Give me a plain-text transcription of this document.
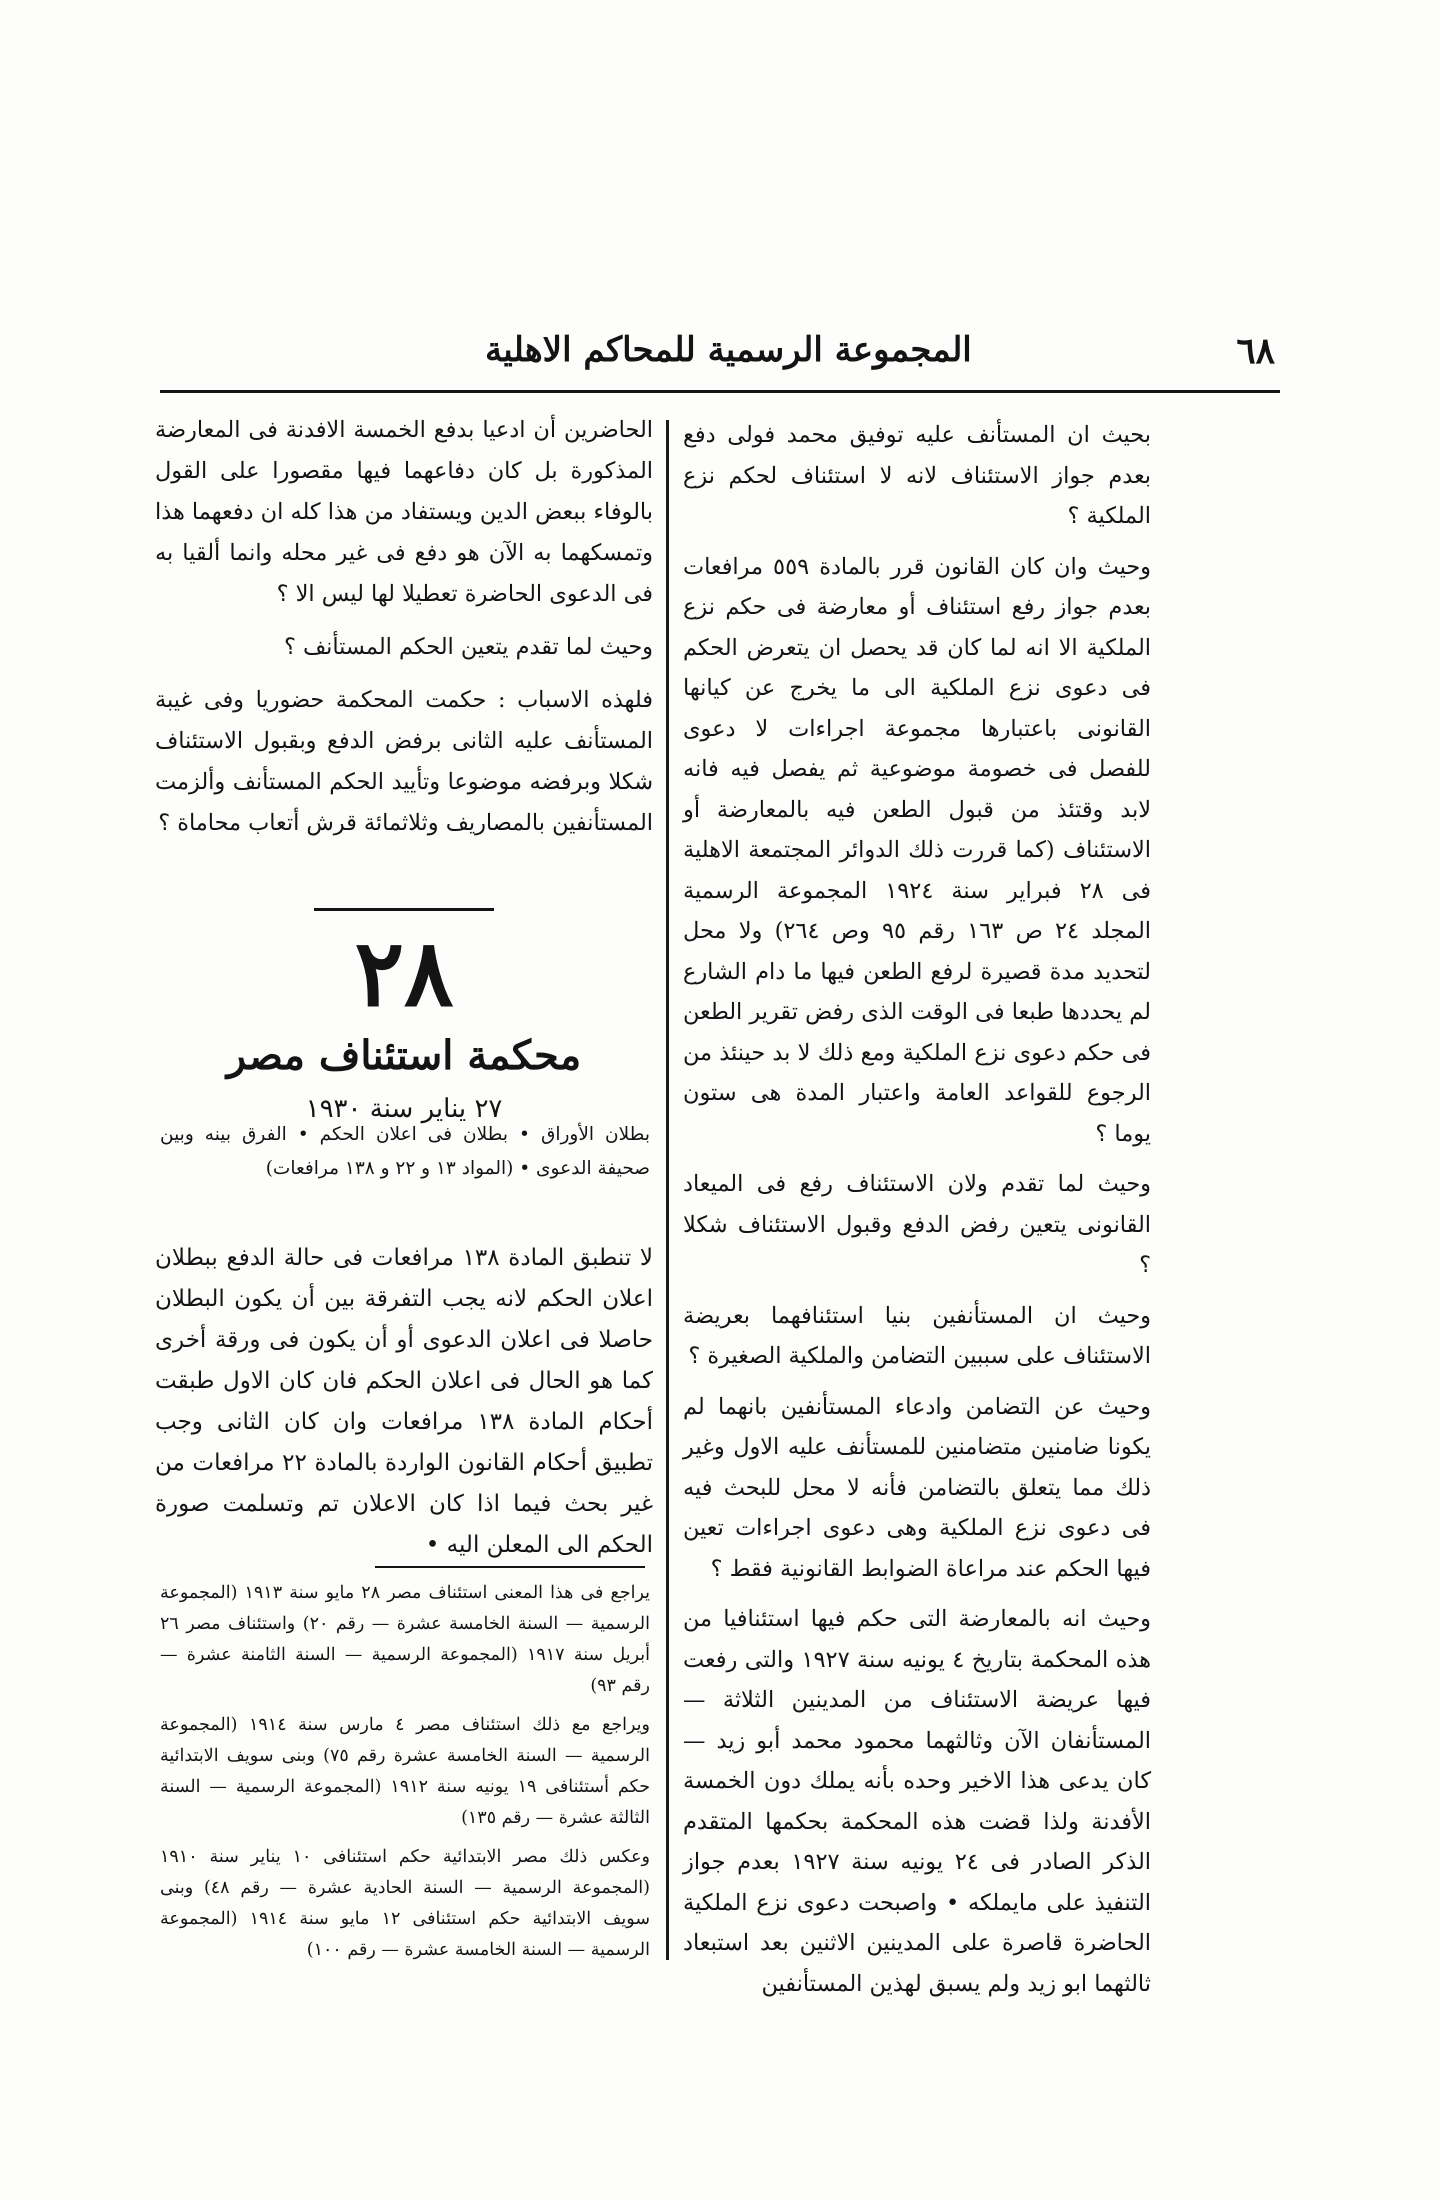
المجموعة الرسمية للمحاكم الاهلية	٦٨

بحيث ان المستأنف عليه توفيق محمد فولى دفع بعدم جواز الاستئناف لانه لا استئناف لحكم نزع الملكية ؟

وحيث وان كان القانون قرر بالمادة ٥٥٩ مرافعات بعدم جواز رفع استئناف أو معارضة فى حكم نزع الملكية الا انه لما كان قد يحصل ان يتعرض الحكم فى دعوى نزع الملكية الى ما يخرج عن كيانها القانونى باعتبارها مجموعة اجراءات لا دعوى للفصل فى خصومة موضوعية ثم يفصل فيه فانه لابد وقتئذ من قبول الطعن فيه بالمعارضة أو الاستئناف (كما قررت ذلك الدوائر المجتمعة الاهلية فى ٢٨ فبراير سنة ١٩٢٤ المجموعة الرسمية المجلد ٢٤ ص ١٦٣ رقم ٩٥ وص ٢٦٤) ولا محل لتحديد مدة قصيرة لرفع الطعن فيها ما دام الشارع لم يحددها طبعا فى الوقت الذى رفض تقرير الطعن فى حكم دعوى نزع الملكية ومع ذلك لا بد حينئذ من الرجوع للقواعد العامة واعتبار المدة هى ستون يوما ؟

وحيث لما تقدم ولان الاستئناف رفع فى الميعاد القانونى يتعين رفض الدفع وقبول الاستئناف شكلا ؟

وحيث ان المستأنفين بنيا استئنافهما بعريضة الاستئناف على سببين التضامن والملكية الصغيرة ؟

وحيث عن التضامن وادعاء المستأنفين بانهما لم يكونا ضامنين متضامنين للمستأنف عليه الاول وغير ذلك مما يتعلق بالتضامن فأنه لا محل للبحث فيه فى دعوى نزع الملكية وهى دعوى اجراءات تعين فيها الحكم عند مراعاة الضوابط القانونية فقط ؟

وحيث انه بالمعارضة التى حكم فيها استئنافيا من هذه المحكمة بتاريخ ٤ يونيه سنة ١٩٢٧ والتى رفعت فيها عريضة الاستئناف من المدينين الثلاثة — المستأنفان الآن وثالثهما محمود محمد أبو زيد — كان يدعى هذا الاخير وحده بأنه يملك دون الخمسة الأفدنة ولذا قضت هذه المحكمة بحكمها المتقدم الذكر الصادر فى ٢٤ يونيه سنة ١٩٢٧ بعدم جواز التنفيذ على مايملكه • واصبحت دعوى نزع الملكية الحاضرة قاصرة على المدينين الاثنين بعد استبعاد ثالثهما ابو زيد ولم يسبق لهذين المستأنفين

الحاضرين أن ادعيا بدفع الخمسة الافدنة فى المعارضة المذكورة بل كان دفاعهما فيها مقصورا على القول بالوفاء ببعض الدين ويستفاد من هذا كله ان دفعهما هذا وتمسكهما به الآن هو دفع فى غير محله وانما ألقيا به فى الدعوى الحاضرة تعطيلا لها ليس الا ؟

وحيث لما تقدم يتعين الحكم المستأنف ؟

فلهذه الاسباب : حكمت المحكمة حضوريا وفى غيبة المستأنف عليه الثانى برفض الدفع وبقبول الاستئناف شكلا وبرفضه موضوعا وتأييد الحكم المستأنف وألزمت المستأنفين بالمصاريف وثلاثمائة قرش أتعاب محاماة ؟

٢٨
محكمة استئناف مصر
٢٧ يناير سنة ١٩٣٠
بطلان الأوراق • بطلان فى اعلان الحكم • الفرق بينه وبين صحيفة الدعوى • (المواد ١٣ و ٢٢ و ١٣٨ مرافعات)
لا تنطبق المادة ١٣٨ مرافعات فى حالة الدفع ببطلان اعلان الحكم لانه يجب التفرقة بين أن يكون البطلان حاصلا فى اعلان الدعوى أو أن يكون فى ورقة أخرى كما هو الحال فى اعلان الحكم فان كان الاول طبقت أحكام المادة ١٣٨ مرافعات وان كان الثانى وجب تطبيق أحكام القانون الواردة بالمادة ٢٢ مرافعات من غير بحث فيما اذا كان الاعلان تم وتسلمت صورة الحكم الى المعلن اليه •

يراجع فى هذا المعنى استئناف مصر ٢٨ مايو سنة ١٩١٣ (المجموعة الرسمية — السنة الخامسة عشرة — رقم ٢٠) واستئناف مصر ٢٦ أبريل سنة ١٩١٧ (المجموعة الرسمية — السنة الثامنة عشرة — رقم ٩٣)

ويراجع مع ذلك استئناف مصر ٤ مارس سنة ١٩١٤ (المجموعة الرسمية — السنة الخامسة عشرة رقم ٧٥) وبنى سويف الابتدائية حكم أستئنافى ١٩ يونيه سنة ١٩١٢ (المجموعة الرسمية — السنة الثالثة عشرة — رقم ١٣٥)

وعكس ذلك مصر الابتدائية حكم استئنافى ١٠ يناير سنة ١٩١٠ (المجموعة الرسمية — السنة الحادية عشرة — رقم ٤٨) وبنى سويف الابتدائية حكم استئنافى ١٢ مايو سنة ١٩١٤ (المجموعة الرسمية — السنة الخامسة عشرة — رقم ١٠٠)
